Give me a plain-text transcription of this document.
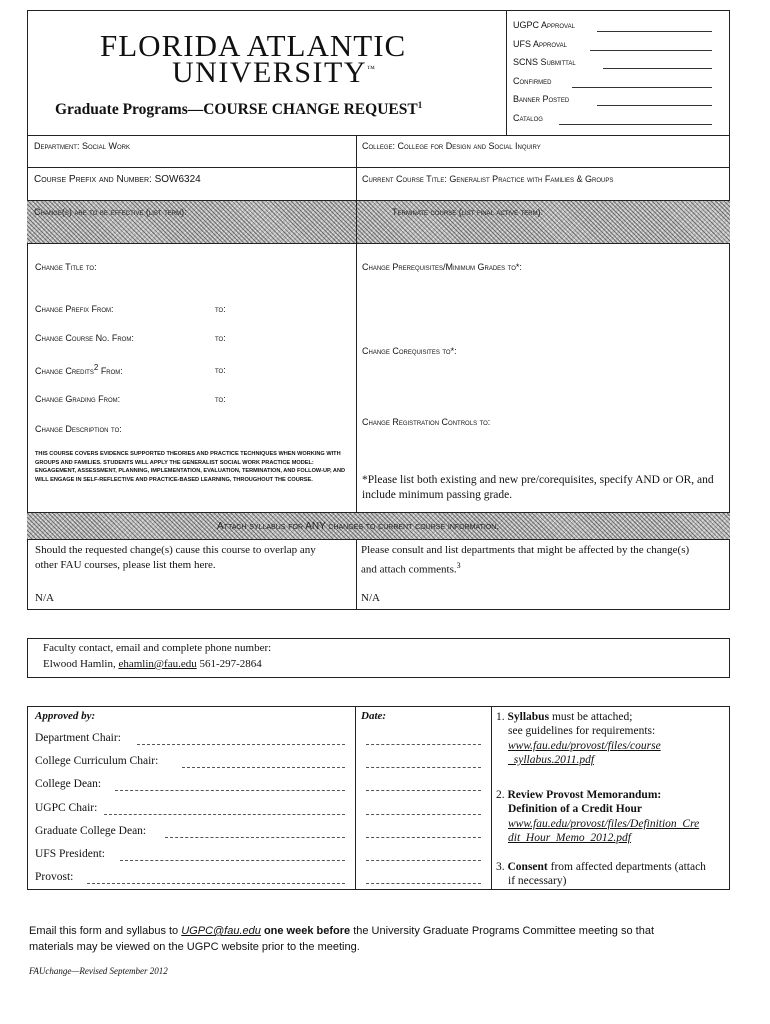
FLORIDA ATLANTIC
UNIVERSITY™
Graduate Programs—COURSE CHANGE REQUEST$^1$
UGPC Approval
UFS Approval
SCNS Submittal
Confirmed
Banner Posted
Catalog
Department: Social Work	College: College for Design and Social Inquiry
Course Prefix and Number: SOW6324	Current Course Title: Generalist Practice with Families & Groups
Change(s) are to be effective (list term):	Terminate course (list final active term):
Change Title to:
Change Prefix From:	to:
Change Course No. From:	to:
Change Credits$^2$ From:	to:
Change Grading From:	to:
Change Description to:
THIS COURSE COVERS EVIDENCE SUPPORTED THEORIES AND PRACTICE TECHNIQUES WHEN WORKING WITH GROUPS AND FAMILIES. STUDENTS WILL APPLY THE GENERALIST SOCIAL WORK PRACTICE MODEL: ENGAGEMENT, ASSESSMENT, PLANNING, IMPLEMENTATION, EVALUATION, TERMINATION, AND FOLLOW-UP, AND WILL ENGAGE IN SELF-REFLECTIVE AND PRACTICE-BASED LEARNING, THROUGHOUT THE COURSE.
Change Prerequisites/Minimum Grades to*:
Change Corequisites to*:
Change Registration Controls to:
*Please list both existing and new pre/corequisites, specify AND or OR, and include minimum passing grade.
Attach syllabus for ANY changes to current course information.
Should the requested change(s) cause this course to overlap any other FAU courses, please list them here.
N/A
Please consult and list departments that might be affected by the change(s) and attach comments.$^3$
N/A
Faculty contact, email and complete phone number:
Elwood Hamlin, ehamlin@fau.edu 561-297-2864
Approved by:	Date:
Department Chair:
College Curriculum Chair:
College Dean:
UGPC Chair:
Graduate College Dean:
UFS President:
Provost:
1. Syllabus must be attached;
see guidelines for requirements:
www.fau.edu/provost/files/course
_syllabus.2011.pdf
2. Review Provost Memorandum:
Definition of a Credit Hour
www.fau.edu/provost/files/Definition_Cre
dit_Hour_Memo_2012.pdf
3. Consent from affected departments (attach
if necessary)
Email this form and syllabus to UGPC@fau.edu one week before the University Graduate Programs Committee meeting so that
materials may be viewed on the UGPC website prior to the meeting.
FAUchange—Revised September 2012
